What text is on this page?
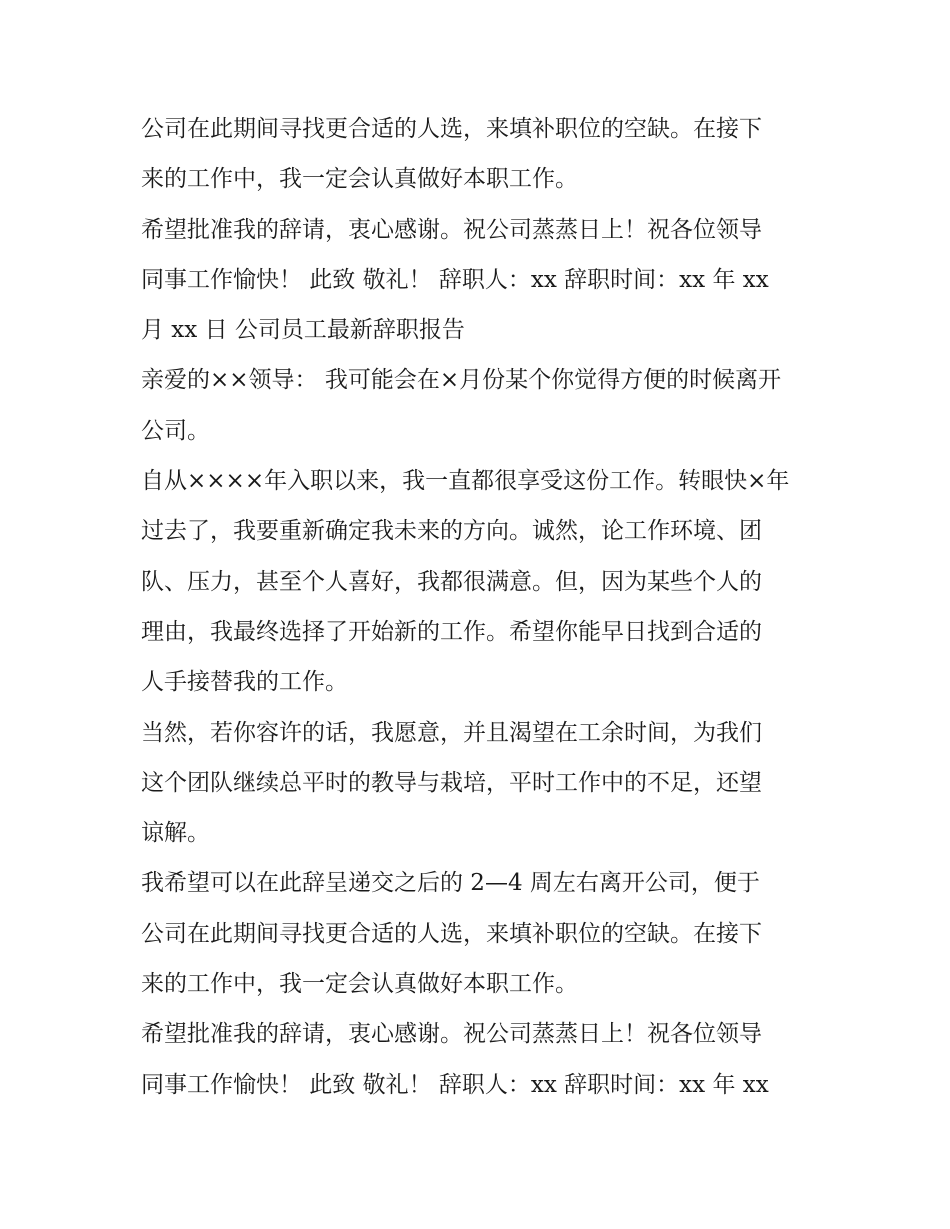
公司在此期间寻找更合适的人选，来填补职位的空缺。在接下
来的工作中，我一定会认真做好本职工作。

希望批准我的辞请，衷心感谢。祝公司蒸蒸日上！祝各位领导
同事工作愉快！ 此致 敬礼！ 辞职人：xx 辞职时间：xx 年 xx
月 xx 日 公司员工最新辞职报告

亲爱的××领导： 我可能会在×月份某个你觉得方便的时候离开
公司。

自从××××年入职以来，我一直都很享受这份工作。转眼快×年
过去了，我要重新确定我未来的方向。诚然，论工作环境、团
队、压力，甚至个人喜好，我都很满意。但，因为某些个人的
理由，我最终选择了开始新的工作。希望你能早日找到合适的
人手接替我的工作。

当然，若你容许的话，我愿意，并且渴望在工余时间，为我们
这个团队继续总平时的教导与栽培，平时工作中的不足，还望
谅解。

我希望可以在此辞呈递交之后的 2—4 周左右离开公司，便于
公司在此期间寻找更合适的人选，来填补职位的空缺。在接下
来的工作中，我一定会认真做好本职工作。

希望批准我的辞请，衷心感谢。祝公司蒸蒸日上！祝各位领导
同事工作愉快！ 此致 敬礼！ 辞职人：xx 辞职时间：xx 年 xx
